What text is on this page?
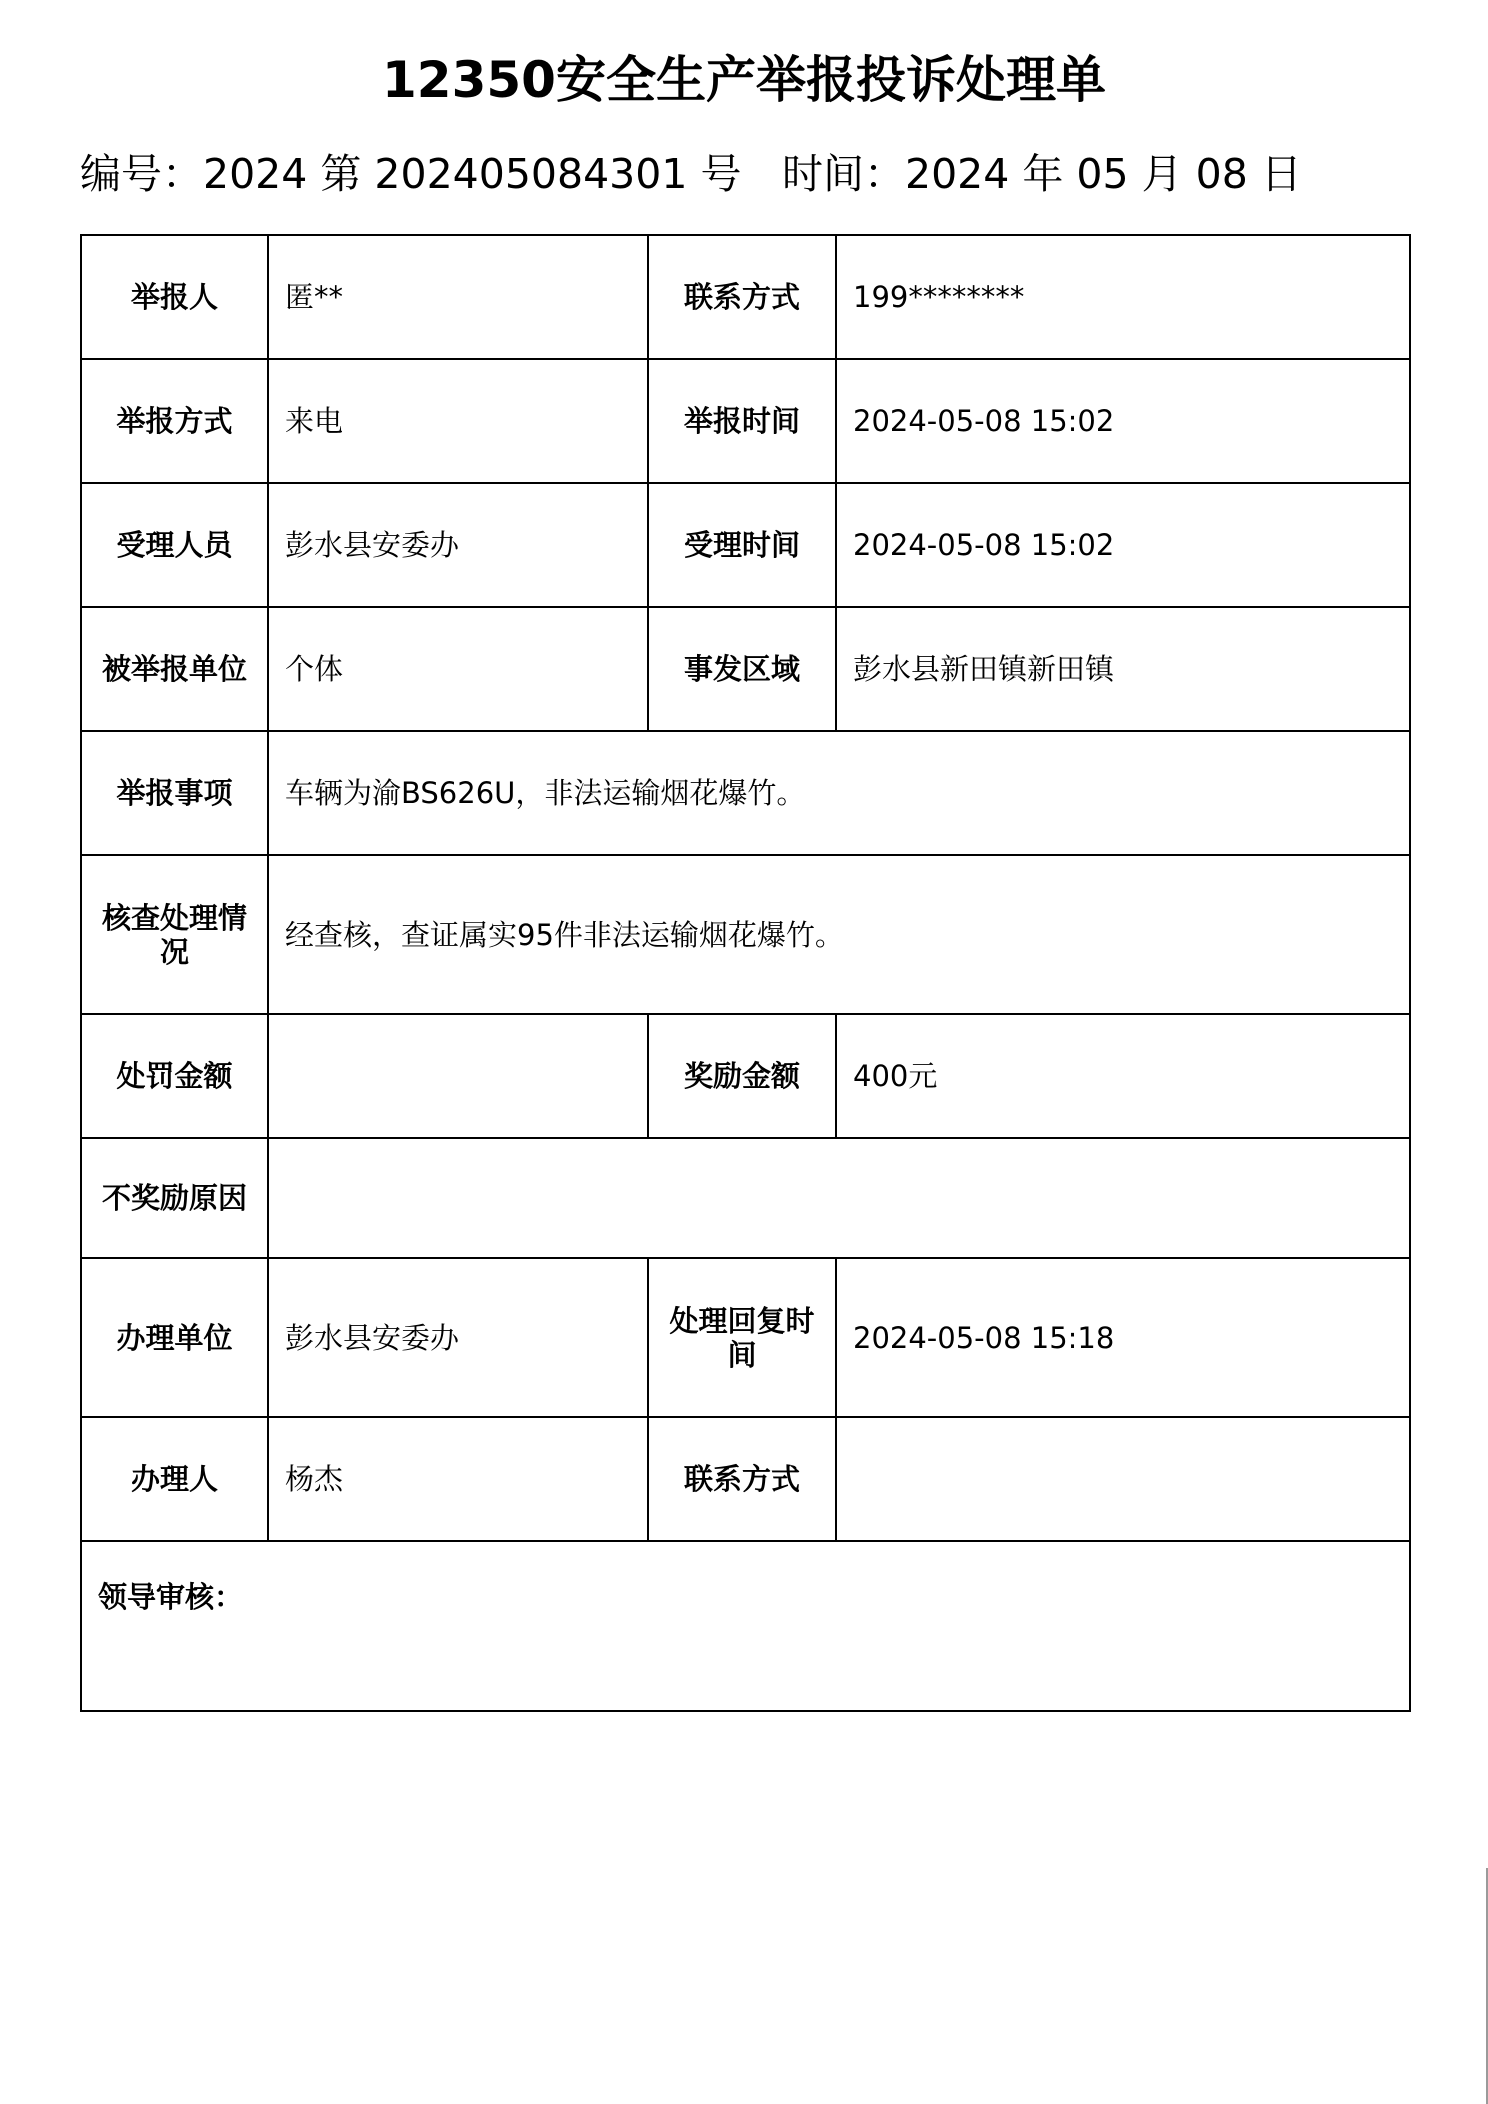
12350安全生产举报投诉处理单
编号：2024 第 202405084301 号 时间：2024 年 05 月 08 日
举报人	匿**	联系方式	199********
举报方式	来电	举报时间	2024-05-08 15:02
受理人员	彭水县安委办	受理时间	2024-05-08 15:02
被举报单位	个体	事发区域	彭水县新田镇新田镇
举报事项	车辆为渝BS626U，非法运输烟花爆竹。		
核查处理情况	经查核，查证属实95件非法运输烟花爆竹。		
处罚金额		奖励金额	400元
不奖励原因			
办理单位	彭水县安委办	处理回复时间	2024-05-08 15:18
办理人	杨杰	联系方式	
领导审核：			
